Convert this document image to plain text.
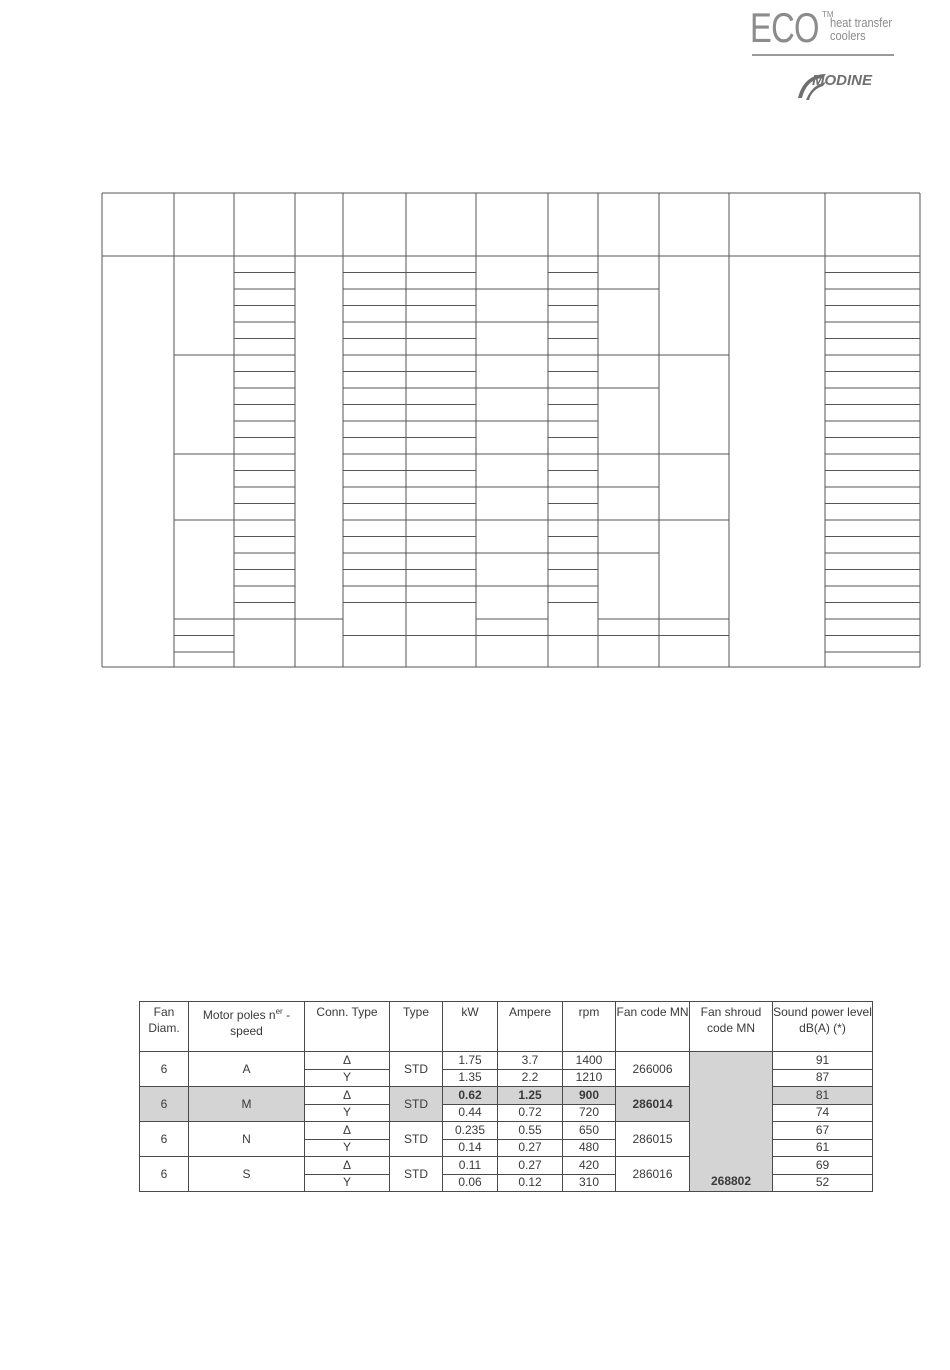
ECO TM
heat transfer
coolers
MODINE
Fan Diam.	Motor poles $n^{er}$ - speed	Conn. Type	Type	kW	Ampere	rpm	Fan code MN	Fan shroud code MN	Sound power level dB(A) (*)
6	A	Δ	STD	1.75	3.7	1400	266006	268802	91
		Y		1.35	2.2	1210			87
6	M	Δ	STD	0.62	1.25	900	286014		81
		Y		0.44	0.72	720			74
6	N	Δ	STD	0.235	0.55	650	286015		67
		Y		0.14	0.27	480			61
6	S	Δ	STD	0.11	0.27	420	286016		69
		Y		0.06	0.12	310			52
